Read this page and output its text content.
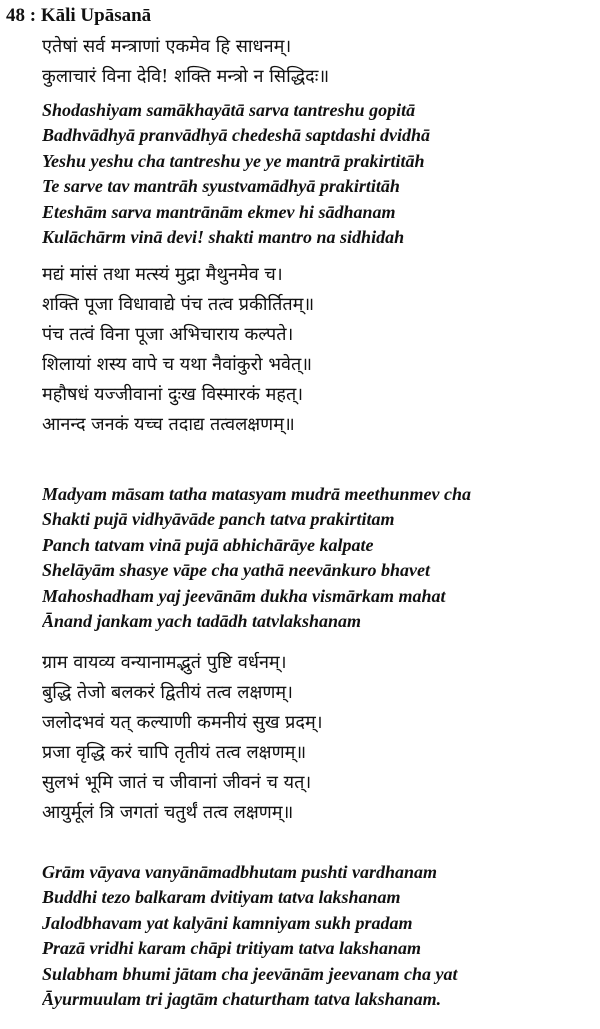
48 : Kāli Upāsanā
एतेषां सर्व मन्त्राणां एकमेव हि साधनम्।
कुलाचारं विना देवि! शक्ति मन्त्रो न सिद्धिदः॥
Shodashiyam samākhayātā sarva tantreshu gopitā
Badhvādhyā pranvādhyā chedeshā saptdashi dvidhā
Yeshu yeshu cha tantreshu ye ye mantrā prakirtitāh
Te sarve tav mantrāh syustvamādhyā prakirtitāh
Eteshām sarva mantrānām ekmev hi sādhanam
Kulāchārm vinā devi! shakti mantro na sidhidah
मद्यं मांसं तथा मत्स्यं मुद्रा मैथुनमेव च।
शक्ति पूजा विधावाद्ये पंच तत्व प्रकीर्तितम्॥
पंच तत्वं विना पूजा अभिचाराय कल्पते।
शिलायां शस्य वापे च यथा नैवांकुरो भवेत्॥
महौषधं यज्जीवानां दुःख विस्मारकं महत्।
आनन्द जनकं यच्च तदाद्य तत्वलक्षणम्॥
Madyam māsam tatha matasyam mudrā meethunmev cha
Shakti pujā vidhyāvāde panch tatva prakirtitam
Panch tatvam vinā pujā abhichārāye kalpate
Shelāyām shasye vāpe cha yathā neevānkuro bhavet
Mahoshadham yaj jeevānām dukha vismārkam mahat
Ānand jankam yach tadādh tatvlakshanam
ग्राम वायव्य वन्यानामद्भुतं पुष्टि वर्धनम्।
बुद्धि तेजो बलकरं द्वितीयं तत्व लक्षणम्।
जलोदभवं यत् कल्याणी कमनीयं सुख प्रदम्।
प्रजा वृद्धि करं चापि तृतीयं तत्व लक्षणम्॥
सुलभं भूमि जातं च जीवानां जीवनं च यत्।
आयुर्मूलं त्रि जगतां चतुर्थं तत्व लक्षणम्॥
Grām vāyava vanyānāmadbhutam pushti vardhanam
Buddhi tezo balkaram dvitiyam tatva lakshanam
Jalodbhavam yat kalyāni kamniyam sukh pradam
Prazā vridhi karam chāpi tritiyam tatva lakshanam
Sulabham bhumi jātam cha jeevānām jeevanam cha yat
Āyurmuulam tri jagtām chaturtham tatva lakshanam.
